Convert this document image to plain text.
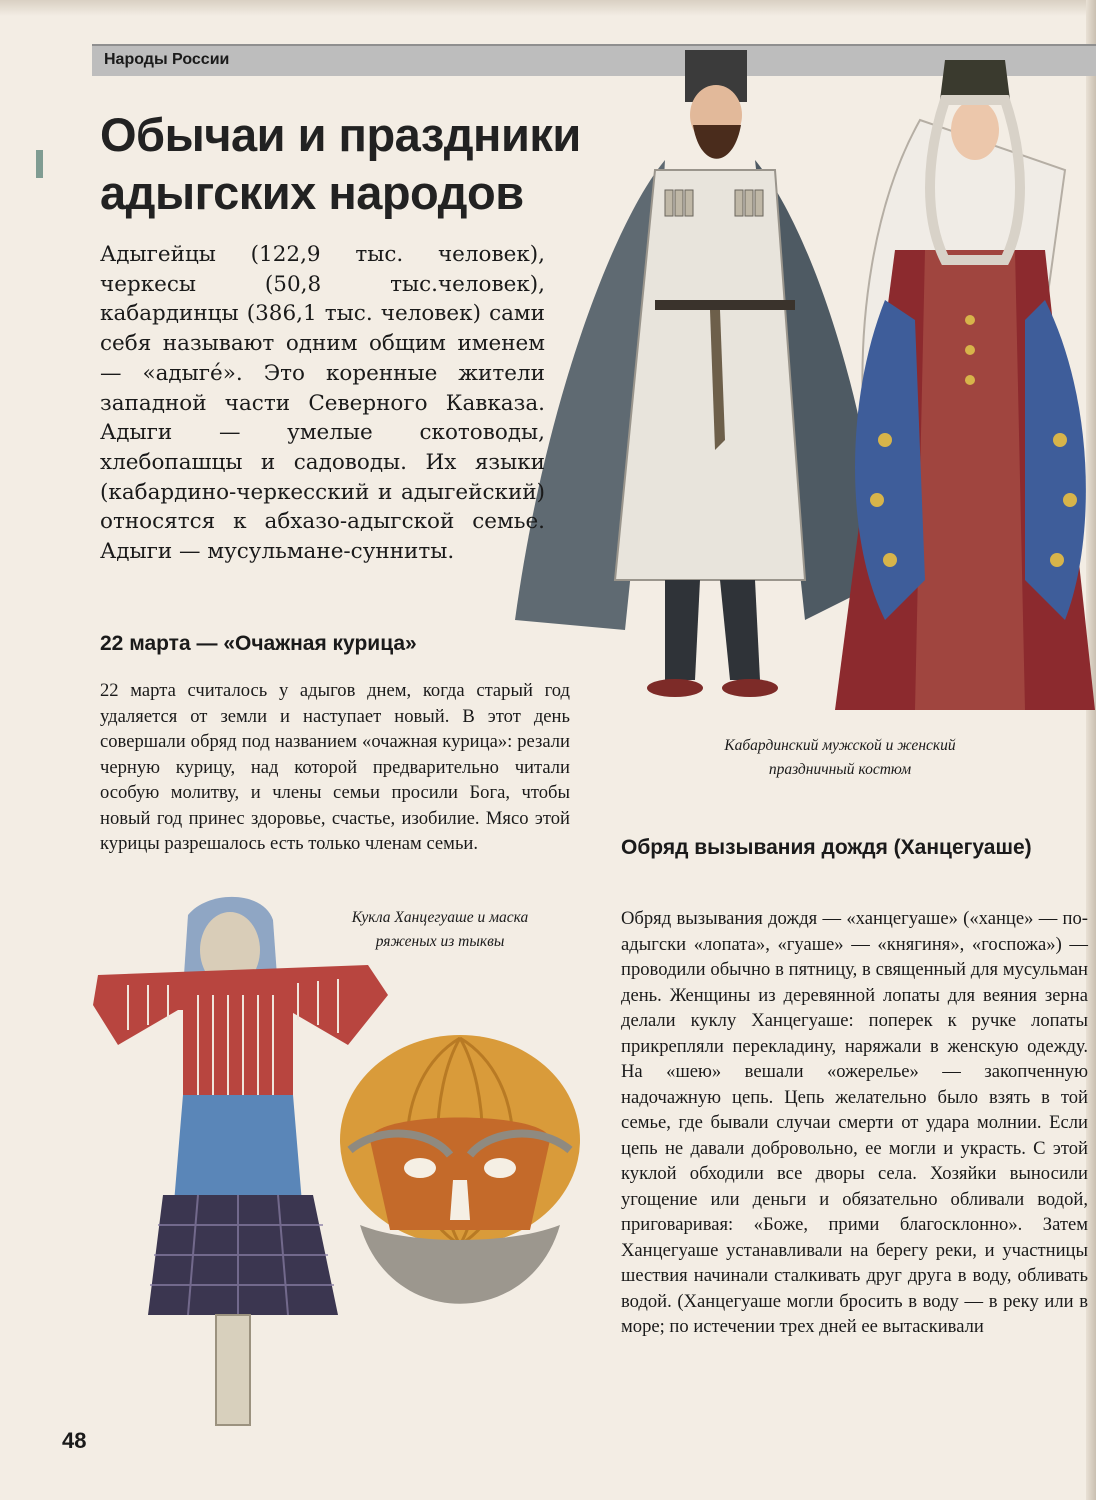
Народы России
Обычаи и праздники адыгских народов

Адыгейцы (122,9 тыс. человек), черкесы (50,8 тыс.человек), кабардинцы (386,1 тыс. человек) сами себя называют одним общим именем — «адыге́». Это коренные жители западной части Северного Кавказа. Адыги — умелые скотоводы, хлебопашцы и садоводы. Их языки (кабардино-черкесский и адыгейский) относятся к абхазо-адыгской семье. Адыги — мусульмане-сунниты.

22 марта — «Очажная курица»

22 марта считалось у адыгов днем, когда старый год удаляется от земли и наступает новый. В этот день совершали обряд под названием «очажная курица»: резали черную курицу, над которой предварительно читали особую молитву, и члены семьи просили Бога, чтобы новый год принес здоровье, счастье, изобилие. Мясо этой курицы разрешалось есть только членам семьи.

Кабардинский мужской и женский праздничный костюм

Обряд вызывания дождя (Ханцегуаше)

Обряд вызывания дождя — «ханцегуаше» («ханце» — по-адыгски «лопата», «гуаше» — «княгиня», «госпожа») — проводили обычно в пятницу, в священный для мусульман день. Женщины из деревянной лопаты для веяния зерна делали куклу Ханцегуаше: поперек к ручке лопаты прикрепляли перекладину, наряжали в женскую одежду. На «шею» вешали «ожерелье» — закопченную надочажную цепь. Цепь желательно было взять в той семье, где бывали случаи смерти от удара молнии. Если цепь не давали добровольно, ее могли и украсть. С этой куклой обходили все дворы села. Хозяйки выносили угощение или деньги и обязательно обливали водой, приговаривая: «Боже, прими благосклонно». Затем Ханцегуаше устанавливали на берегу реки, и участницы шествия начинали сталкивать друг друга в воду, обливать водой. (Ханцегуаше могли бросить в воду — в реку или в море; по истечении трех дней ее вытаскивали

Кукла Ханцегуаше и маска ряженых из тыквы

48
